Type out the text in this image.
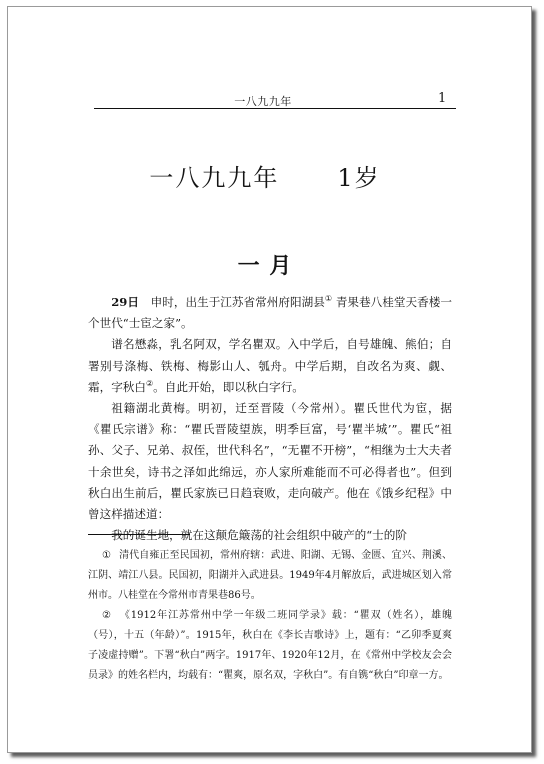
一八九九年	1
一八九九年 1岁
一 月

29日　 申时，出生于江苏省常州府阳湖县① 青果巷八桂堂天香楼一个世代“士宦之家”。

谱名懋淼，乳名阿双，学名瞿双。入中学后，自号雄魄、熊伯；自署别号涤梅、铁梅、梅影山人、瓠舟。中学后期，自改名为爽、觑、霜，字秋白②。自此开始，即以秋白字行。

祖籍湖北黄梅。明初，迁至晋陵（今常州）。瞿氏世代为宦，据《瞿氏宗谱》称：“瞿氏晋陵望族，明季巨富，号‘瞿半城’”。瞿氏“祖孙、父子、兄弟、叔侄，世代科名”，“无瞿不开榜”，“相继为士大夫者十余世矣，诗书之泽如此绵远，亦人家所难能而不可必得者也”。但到秋白出生前后，瞿氏家族已日趋衰败，走向破产。他在《饿乡纪程》中曾这样描述道：

我的诞生地，就在这颠危簸荡的社会组织中破产的“士的阶

① 清代自雍正至民国初，常州府辖：武进、阳湖、无锡、金匮、宜兴、荆溪、江阴、靖江八县。民国初，阳湖并入武进县。1949年4月解放后，武进城区划入常州市。八桂堂在今常州市青果巷86号。

② 《1912年江苏常州中学一年级二班同学录》载：“瞿双（姓名），雄魄（号），十五（年龄）”。1915年，秋白在《李长吉歌诗》上，题有：“乙卯季夏爽子凌虚持赠”。下署“秋白”两字。1917年、1920年12月，在《常州中学校友会会员录》的姓名栏内，均载有：“瞿爽，原名双，字秋白”。有自镌“秋白”印章一方。
